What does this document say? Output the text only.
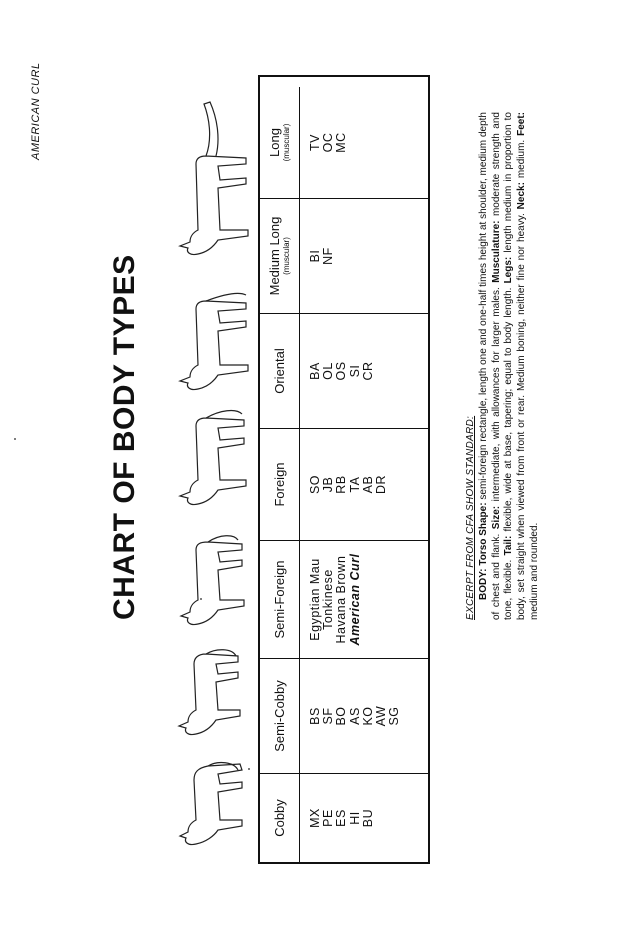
AMERICAN CURL
CHART OF BODY TYPES
Cobby MX PE ES HI BU
Semi-Cobby BS SF BO AS KO AW SG
Semi-Foreign Egyptian Mau Tonkinese Havana Brown American Curl
Foreign SO JB RB TA AB DR
Oriental BA OL OS SI CR
Medium Long (muscular) BI NF
Long (muscular) TV OC MC
EXCERPT FROM CFA SHOW STANDARD: BODY: Torso Shape: semi-foreign rectangle, length one and one-half times height at shoulder, medium depth of chest and flank. Size: intermediate, with allowances for larger males. Musculature: moderate strength and tone, flexible. Tail: flexible, wide at base, tapering; equal to body length. Legs: length medium in proportion to body, set straight when viewed from front or rear. Medium boning, neither fine nor heavy. Neck: medium. Feet: medium and rounded.
